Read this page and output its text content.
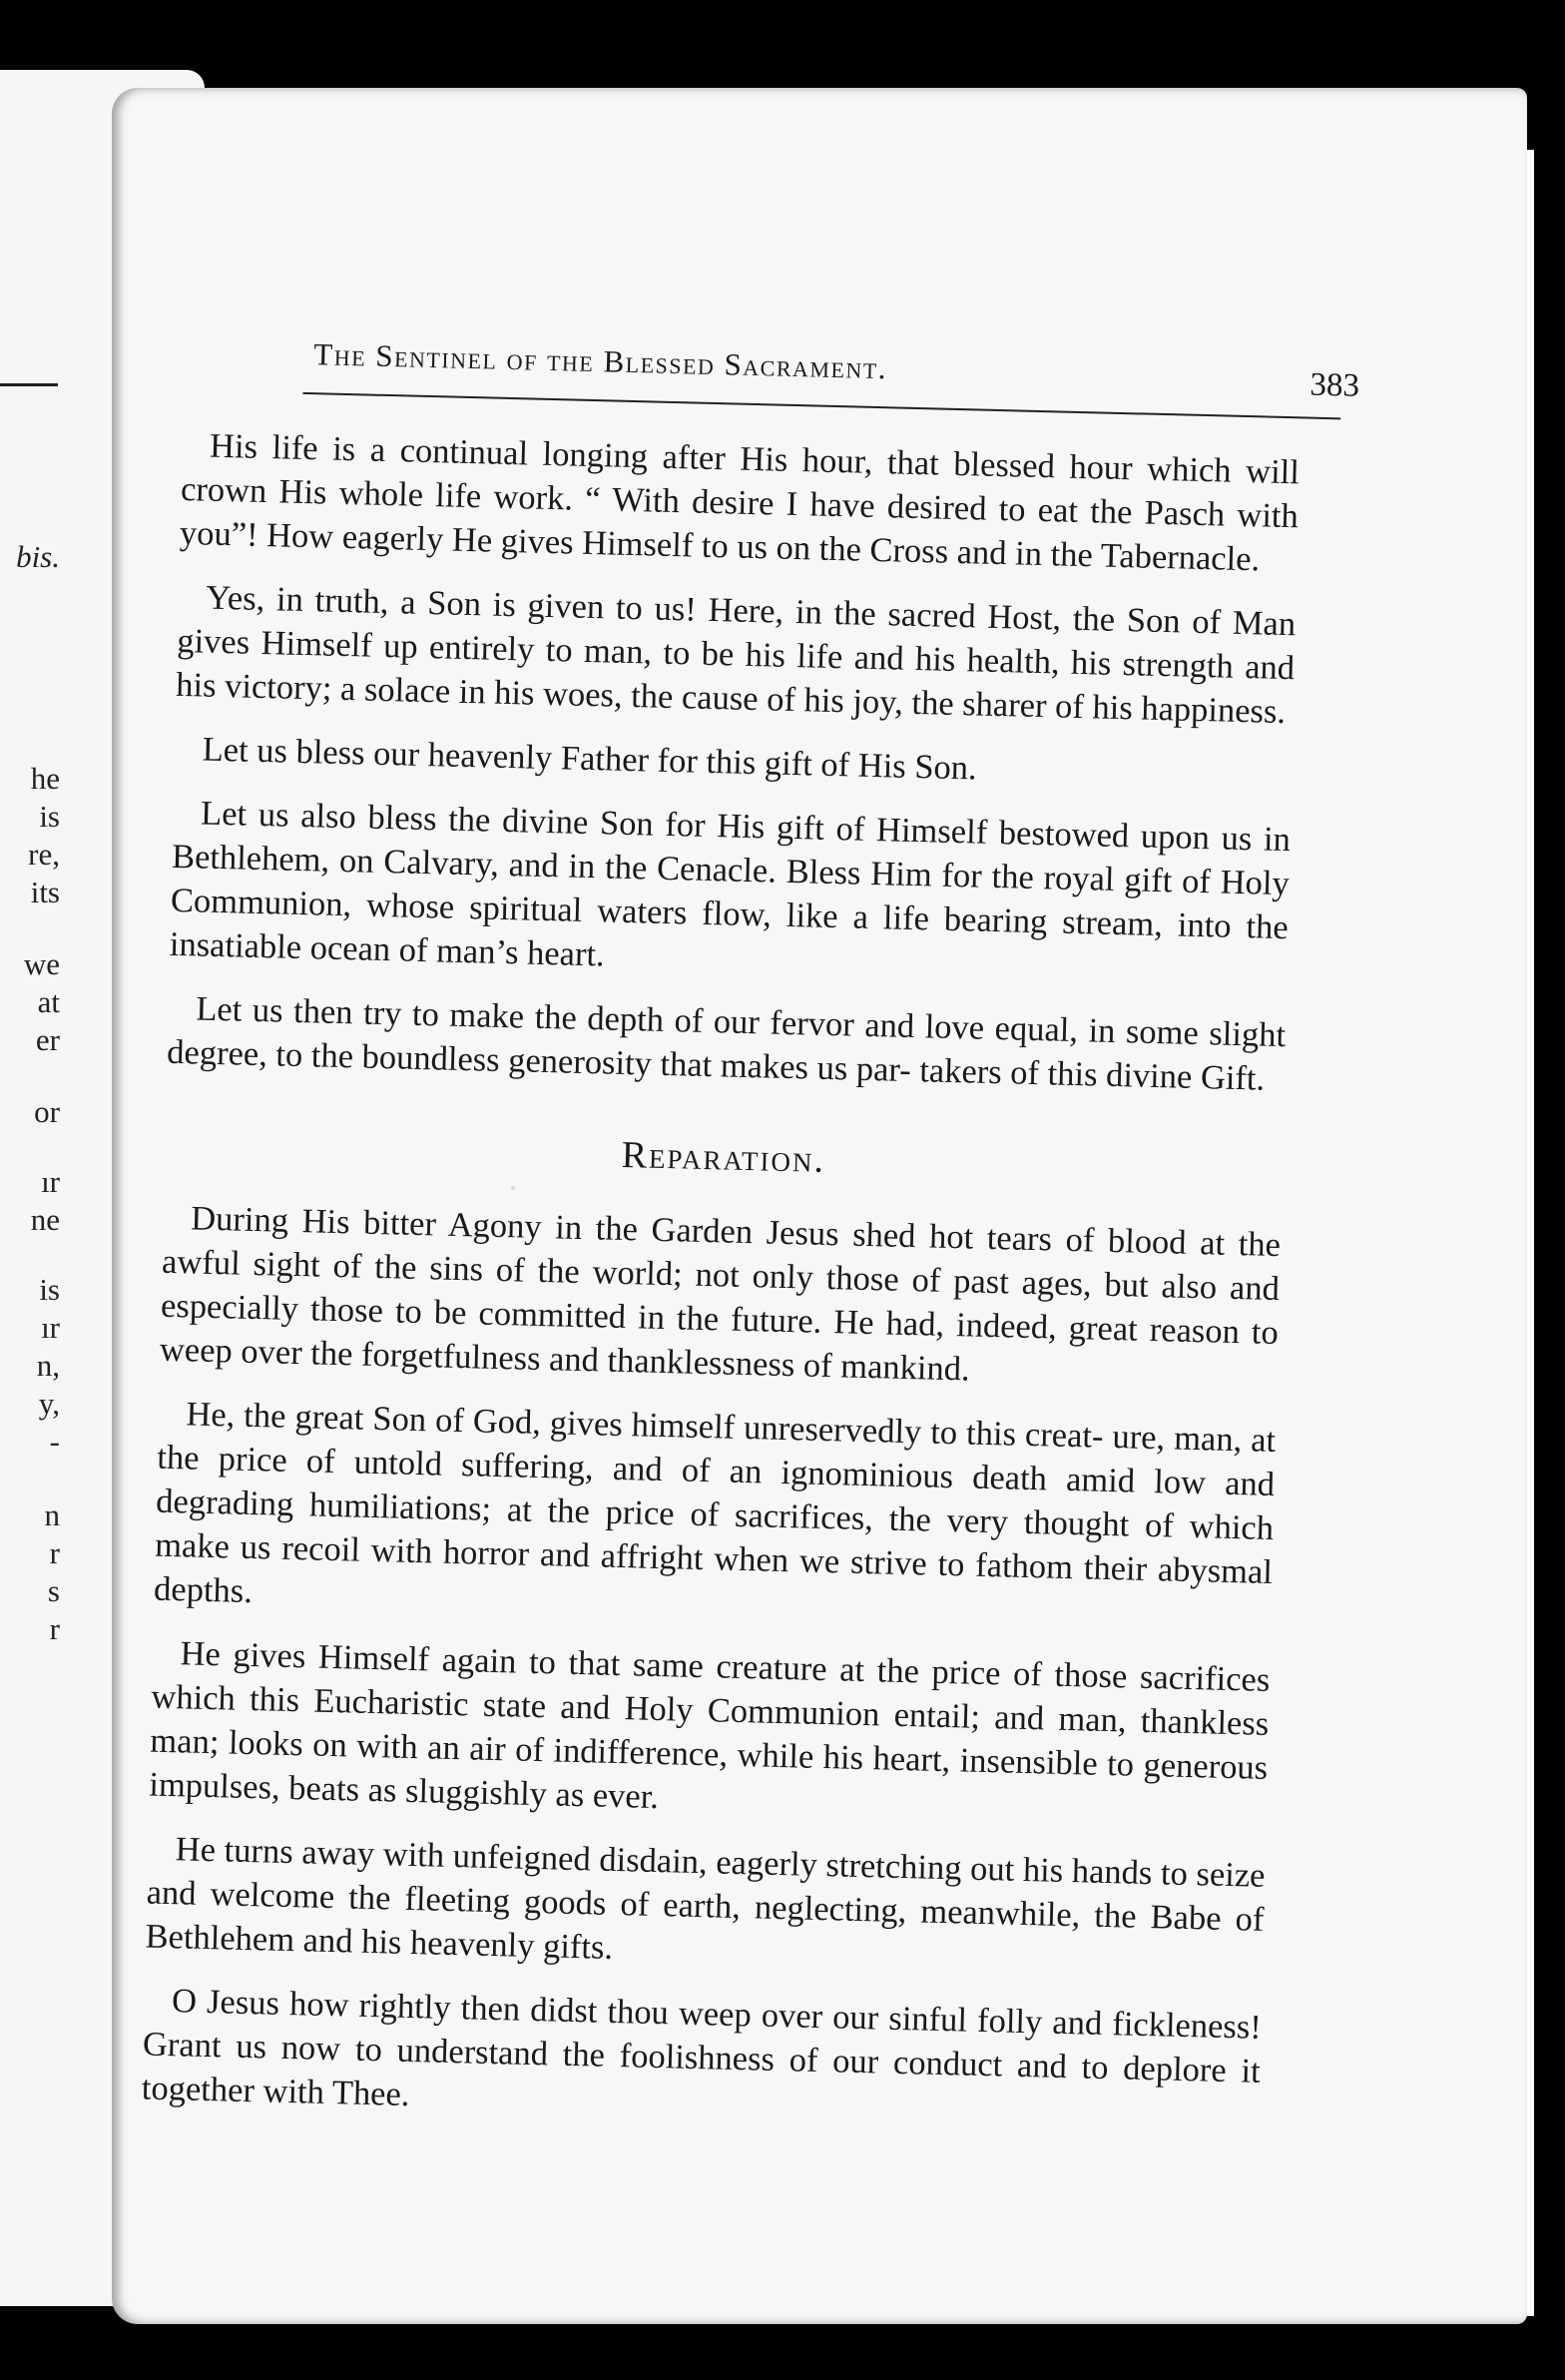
bis.
he
is
re,
its
we
at
er
or
ır
ne
is
ır
n,
y,
-
n
r
s
r
The Sentinel of the Blessed Sacrament.	383

His life is a continual longing after His hour, that blessed hour which will crown His whole life work. “ With desire I have desired to eat the Pasch with you”! How eagerly He gives Himself to us on the Cross and in the Tabernacle.

Yes, in truth, a Son is given to us! Here, in the sacred Host, the Son of Man gives Himself up entirely to man, to be his life and his health, his strength and his victory; a solace in his woes, the cause of his joy, the sharer of his happiness.

Let us bless our heavenly Father for this gift of His Son.

Let us also bless the divine Son for His gift of Himself bestowed upon us in Bethlehem, on Calvary, and in the Cenacle. Bless Him for the royal gift of Holy Communion, whose spiritual waters flow, like a life bearing stream, into the insatiable ocean of man’s heart.

Let us then try to make the depth of our fervor and love equal, in some slight degree, to the boundless generosity that makes us par- takers of this divine Gift.

Reparation.

During His bitter Agony in the Garden Jesus shed hot tears of blood at the awful sight of the sins of the world; not only those of past ages, but also and especially those to be committed in the future. He had, indeed, great reason to weep over the forgetfulness and thanklessness of mankind.

He, the great Son of God, gives himself unreservedly to this creat- ure, man, at the price of untold suffering, and of an ignominious death amid low and degrading humiliations; at the price of sacrifices, the very thought of which make us recoil with horror and affright when we strive to fathom their abysmal depths.

He gives Himself again to that same creature at the price of those sacrifices which this Eucharistic state and Holy Communion entail; and man, thankless man; looks on with an air of indifference, while his heart, insensible to generous impulses, beats as sluggishly as ever.

He turns away with unfeigned disdain, eagerly stretching out his hands to seize and welcome the fleeting goods of earth, neglecting, meanwhile, the Babe of Bethlehem and his heavenly gifts.

O Jesus how rightly then didst thou weep over our sinful folly and fickleness! Grant us now to understand the foolishness of our conduct and to deplore it together with Thee.
